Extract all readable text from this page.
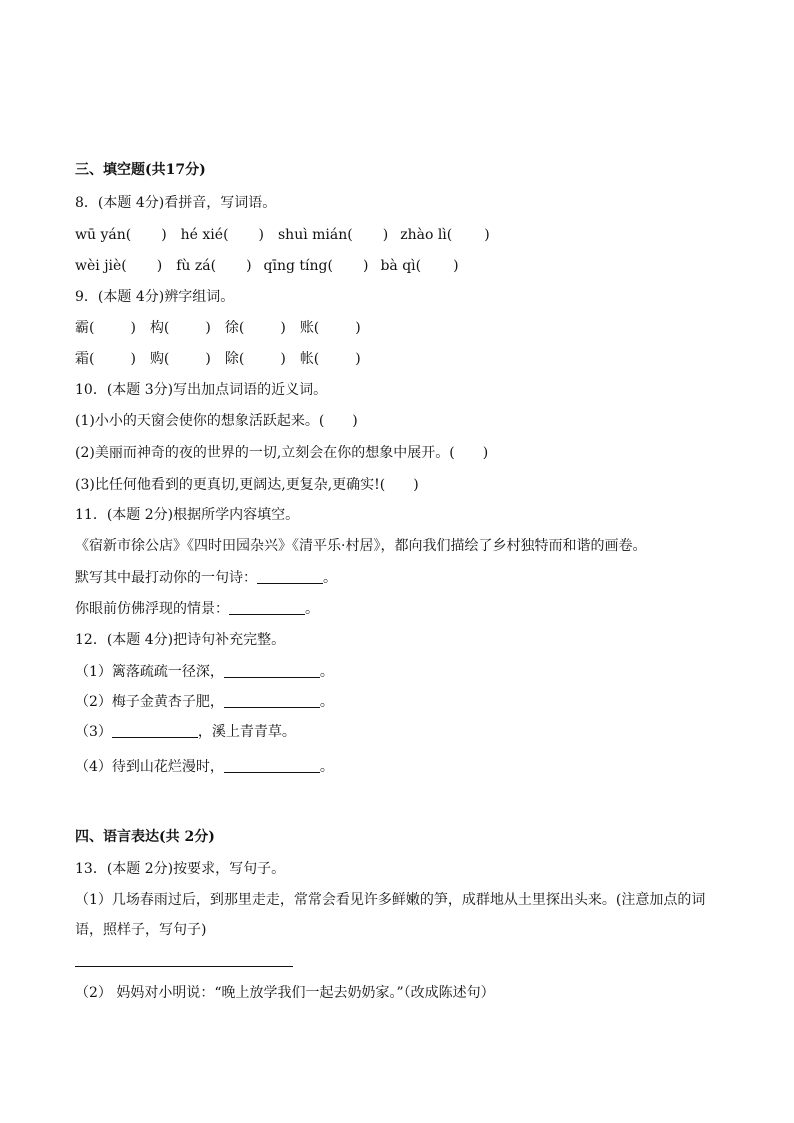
三、填空题(共17分)
8．(本题 4分)看拼音，写词语。
wū yán( ) hé xié( ) shuì mián( ) zhào lì( )
wèi jiè( ) fù zá( ) qīng tíng( ) bà qì( )
9．(本题 4分)辨字组词。
霸(	) 构(	) 徐(	) 账(	)
霜(	) 购(	) 除(	) 帐(	)
10．(本题 3分)写出加点词语的近义词。
(1)小小的天窗会使你的想象活跃起来。(　　)
(2)美丽而神奇的夜的世界的一切,立刻会在你的想象中展开。(　　)
(3)比任何他看到的更真切,更阔达,更复杂,更确实!(　　)
11．(本题 2分)根据所学内容填空。
《宿新市徐公店》《四时田园杂兴》《清平乐·村居》，都向我们描绘了乡村独特而和谐的画卷。
默写其中最打动你的一句诗：	。
你眼前仿佛浮现的情景：	。
12．(本题 4分)把诗句补充完整。
（1）篱落疏疏一径深，	。
（2）梅子金黄杏子肥，	。
（3）	，溪上青青草。
（4）待到山花烂漫时，	。
四、语言表达(共 2分)
13．(本题 2分)按要求，写句子。
（1）几场春雨过后，到那里走走，常常会看见许多鲜嫩的笋，成群地从土里探出头来。(注意加点的词语，照样子，写句子)
（2） 妈妈对小明说：“晚上放学我们一起去奶奶家。”（改成陈述句）
